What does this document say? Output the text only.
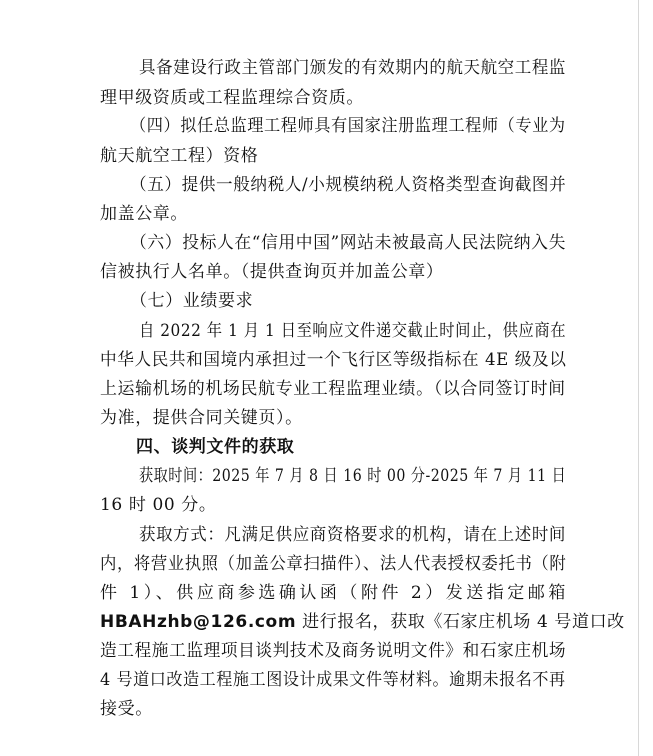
具备建设行政主管部门颁发的有效期内的航天航空工程监
理甲级资质或工程监理综合资质。
（四）拟任总监理工程师具有国家注册监理工程师（专业为
航天航空工程）资格
（五）提供一般纳税人/小规模纳税人资格类型查询截图并
加盖公章。
（六）投标人在“信用中国”网站未被最高人民法院纳入失
信被执行人名单。（提供查询页并加盖公章）
（七）业绩要求
自 2022 年 1 月 1 日至响应文件递交截止时间止，供应商在
中华人民共和国境内承担过一个飞行区等级指标在 4E 级及以
上运输机场的机场民航专业工程监理业绩。（以合同签订时间
为准，提供合同关键页）。
四、谈判文件的获取
获取时间：2025 年 7 月 8 日 16 时 00 分-2025 年 7 月 11 日
16 时 00 分。
获取方式：凡满足供应商资格要求的机构，请在上述时间
内，将营业执照（加盖公章扫描件）、法人代表授权委托书（附
件 1）、供应商参选确认函（附件 2）发送指定邮箱
HBAHzhb@126.com 进行报名，获取《石家庄机场 4 号道口改
造工程施工监理项目谈判技术及商务说明文件》和石家庄机场
4 号道口改造工程施工图设计成果文件等材料。逾期未报名不再
接受。
